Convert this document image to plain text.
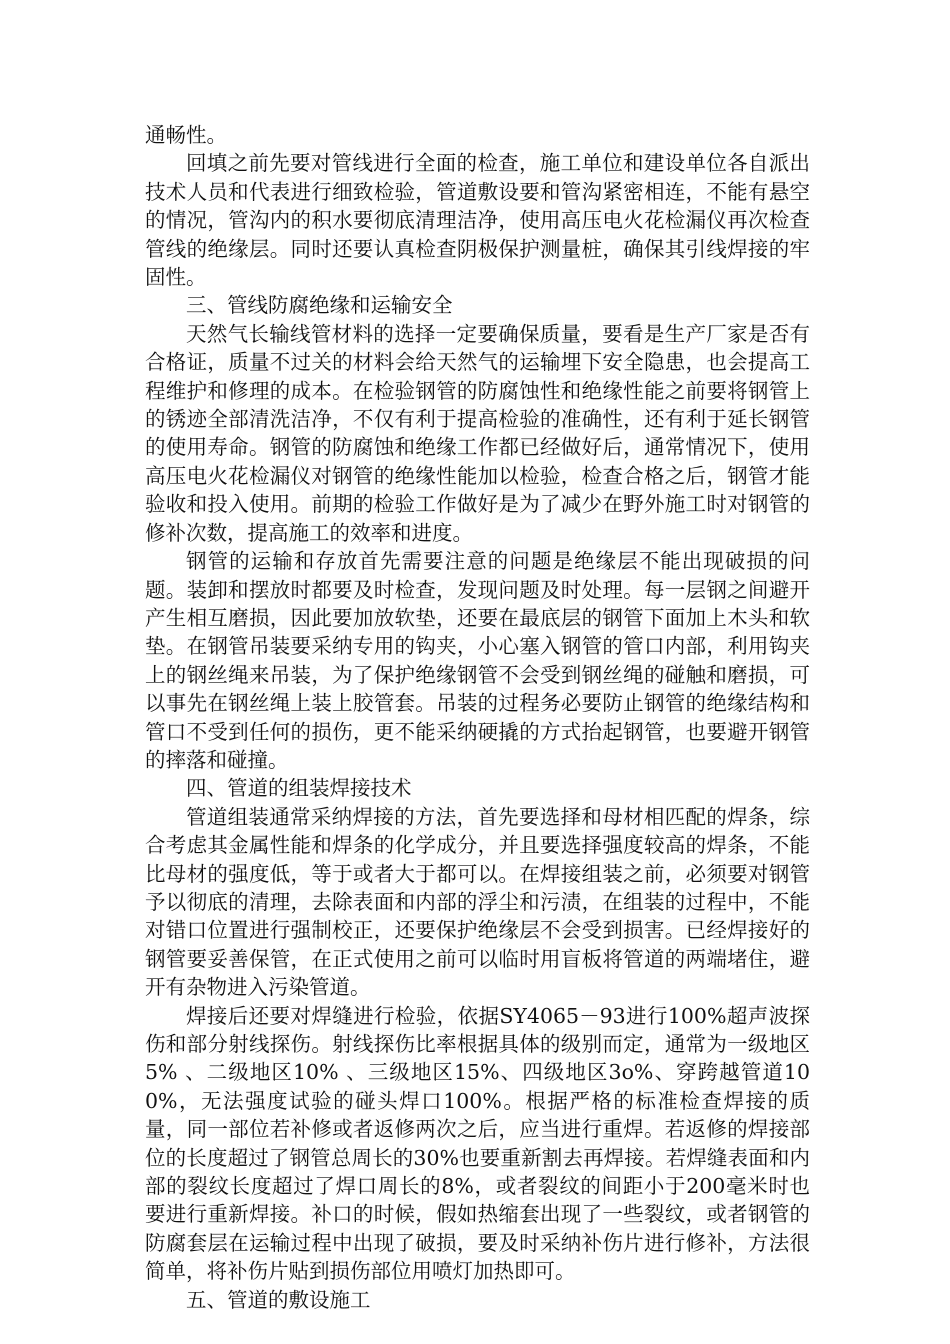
通畅性。

回填之前先要对管线进行全面的检查，施工单位和建设单位各自派出技术人员和代表进行细致检验，管道敷设要和管沟紧密相连，不能有悬空的情况，管沟内的积水要彻底清理洁净，使用高压电火花检漏仪再次检查管线的绝缘层。同时还要认真检查阴极保护测量桩，确保其引线焊接的牢固性。

三、管线防腐绝缘和运输安全

天然气长输线管材料的选择一定要确保质量，要看是生产厂家是否有合格证，质量不过关的材料会给天然气的运输埋下安全隐患，也会提高工程维护和修理的成本。在检验钢管的防腐蚀性和绝缘性能之前要将钢管上的锈迹全部清洗洁净，不仅有利于提高检验的准确性，还有利于延长钢管的使用寿命。钢管的防腐蚀和绝缘工作都已经做好后，通常情况下，使用高压电火花检漏仪对钢管的绝缘性能加以检验，检查合格之后，钢管才能验收和投入使用。前期的检验工作做好是为了减少在野外施工时对钢管的修补次数，提高施工的效率和进度。

钢管的运输和存放首先需要注意的问题是绝缘层不能出现破损的问题。装卸和摆放时都要及时检查，发现问题及时处理。每一层钢之间避开产生相互磨损，因此要加放软垫，还要在最底层的钢管下面加上木头和软垫。在钢管吊装要采纳专用的钩夹，小心塞入钢管的管口内部，利用钩夹上的钢丝绳来吊装，为了保护绝缘钢管不会受到钢丝绳的碰触和磨损，可以事先在钢丝绳上装上胶管套。吊装的过程务必要防止钢管的绝缘结构和管口不受到任何的损伤，更不能采纳硬撬的方式抬起钢管，也要避开钢管的摔落和碰撞。

四、管道的组装焊接技术

管道组装通常采纳焊接的方法，首先要选择和母材相匹配的焊条，综合考虑其金属性能和焊条的化学成分，并且要选择强度较高的焊条，不能比母材的强度低，等于或者大于都可以。在焊接组装之前，必须要对钢管予以彻底的清理，去除表面和内部的浮尘和污渍，在组装的过程中，不能对错口位置进行强制校正，还要保护绝缘层不会受到损害。已经焊接好的钢管要妥善保管，在正式使用之前可以临时用盲板将管道的两端堵住，避开有杂物进入污染管道。

焊接后还要对焊缝进行检验，依据SY4065－93进行100%超声波探伤和部分射线探伤。射线探伤比率根据具体的级别而定，通常为一级地区5% 、二级地区10% 、三级地区15%、四级地区3o%、穿跨越管道100%，无法强度试验的碰头焊口100%。根据严格的标准检查焊接的质量，同一部位若补修或者返修两次之后，应当进行重焊。若返修的焊接部位的长度超过了钢管总周长的30%也要重新割去再焊接。若焊缝表面和内部的裂纹长度超过了焊口周长的8%，或者裂纹的间距小于200毫米时也要进行重新焊接。补口的时候，假如热缩套出现了一些裂纹，或者钢管的防腐套层在运输过程中出现了破损，要及时采纳补伤片进行修补，方法很简单，将补伤片贴到损伤部位用喷灯加热即可。

五、管道的敷设施工
